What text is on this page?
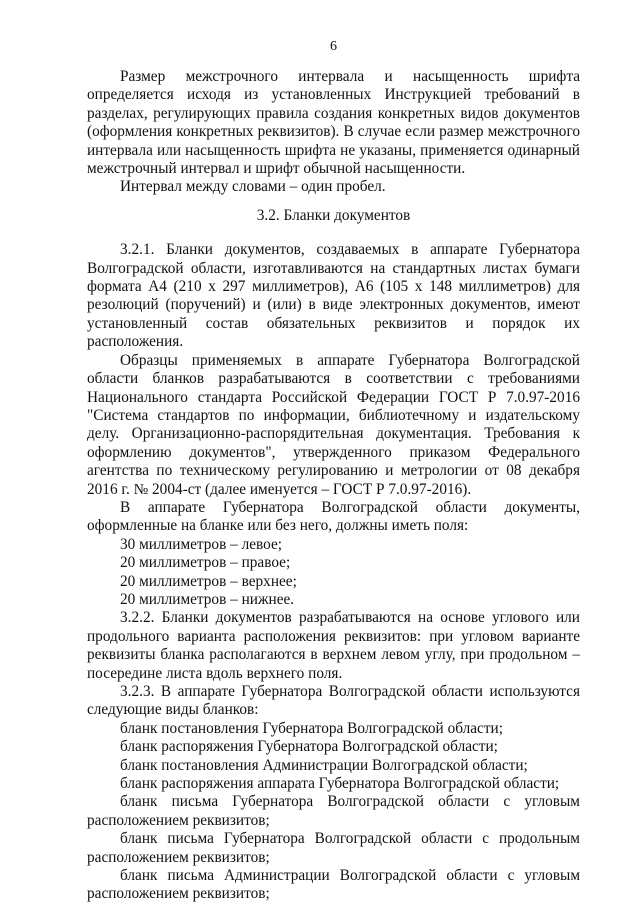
6

Размер межстрочного интервала и насыщенность шрифта определяется исходя из установленных Инструкцией требований в разделах, регулирующих правила создания конкретных видов документов (оформления конкретных реквизитов). В случае если размер межстрочного интервала или насыщенность шрифта не указаны, применяется одинарный межстрочный интервал и шрифт обычной насыщенности.

Интервал между словами – один пробел.

3.2. Бланки документов

3.2.1. Бланки документов, создаваемых в аппарате Губернатора Волгоградской области, изготавливаются на стандартных листах бумаги формата А4 (210 х 297 миллиметров), А6 (105 х 148 миллиметров) для резолюций (поручений) и (или) в виде электронных документов, имеют установленный состав обязательных реквизитов и порядок их расположения.

Образцы применяемых в аппарате Губернатора Волгоградской области бланков разрабатываются в соответствии с требованиями Национального стандарта Российской Федерации ГОСТ Р 7.0.97-2016 "Система стандартов по информации, библиотечному и издательскому делу. Организационно-распорядительная документация. Требования к оформлению документов", утвержденного приказом Федерального агентства по техническому регулированию и метрологии от 08 декабря 2016 г. № 2004-ст (далее именуется – ГОСТ Р 7.0.97-2016).

В аппарате Губернатора Волгоградской области документы, оформленные на бланке или без него, должны иметь поля:

30 миллиметров – левое;

20 миллиметров – правое;

20 миллиметров – верхнее;

20 миллиметров – нижнее.

3.2.2. Бланки документов разрабатываются на основе углового или продольного варианта расположения реквизитов: при угловом варианте реквизиты бланка располагаются в верхнем левом углу, при продольном – посередине листа вдоль верхнего поля.

3.2.3. В аппарате Губернатора Волгоградской области используются следующие виды бланков:

бланк постановления Губернатора Волгоградской области;

бланк распоряжения Губернатора Волгоградской области;

бланк постановления Администрации Волгоградской области;

бланк распоряжения аппарата Губернатора Волгоградской области;

бланк письма Губернатора Волгоградской области с угловым расположением реквизитов;

бланк письма Губернатора Волгоградской области с продольным расположением реквизитов;

бланк письма Администрации Волгоградской области с угловым расположением реквизитов;
